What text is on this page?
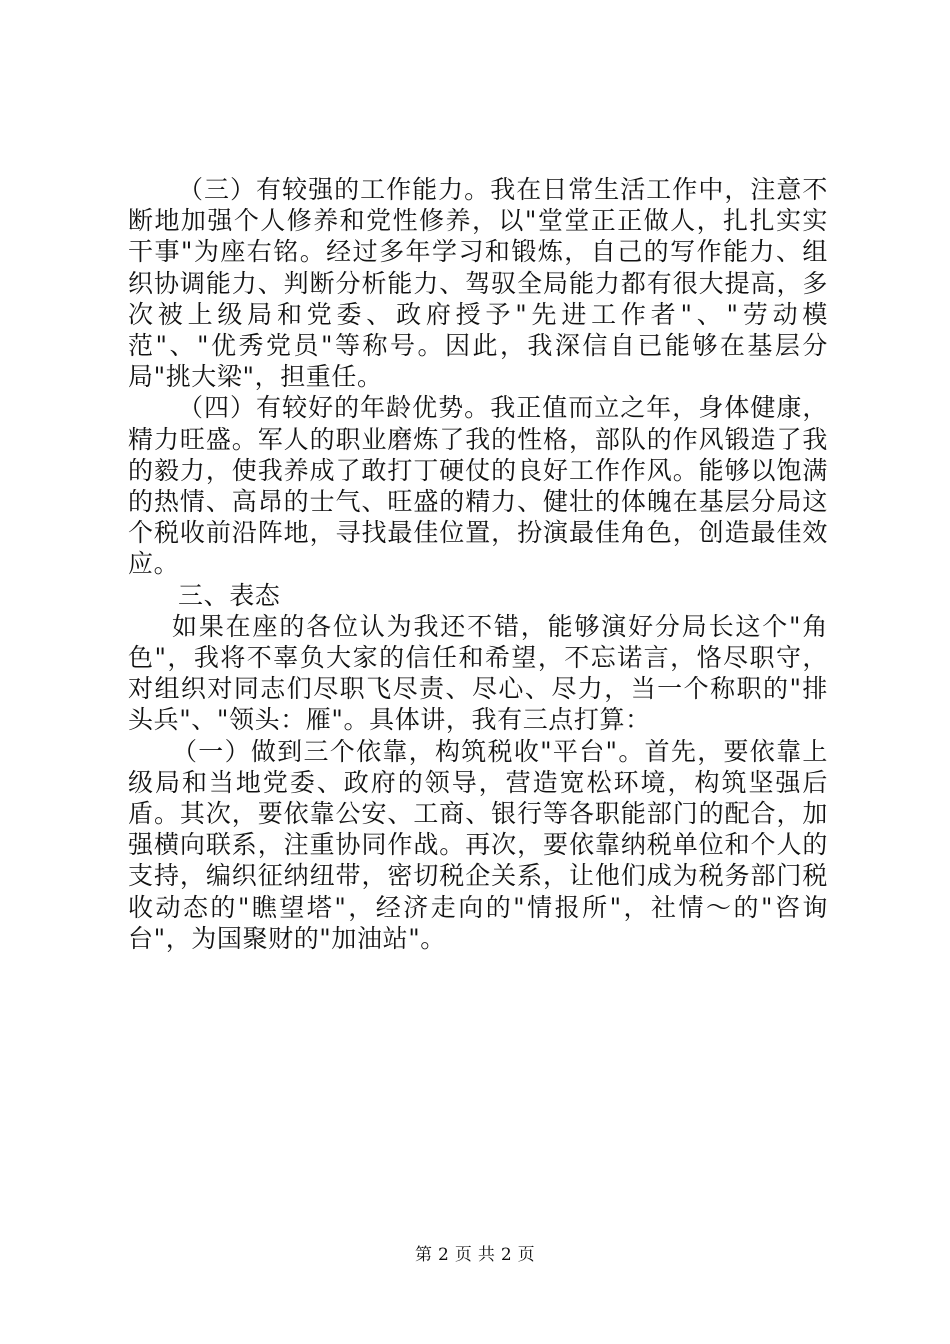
（三）有较强的工作能力。我在日常生活工作中，注意不断地加强个人修养和党性修养，以"堂堂正正做人，扎扎实实干事"为座右铭。经过多年学习和锻炼，自己的写作能力、组织协调能力、判断分析能力、驾驭全局能力都有很大提高，多次被上级局和党委、政府授予"先进工作者"、"劳动模范"、"优秀党员"等称号。因此，我深信自已能够在基层分局"挑大梁"，担重任。

（四）有较好的年龄优势。我正值而立之年，身体健康，精力旺盛。军人的职业磨炼了我的性格，部队的作风锻造了我的毅力，使我养成了敢打丁硬仗的良好工作作风。能够以饱满的热情、高昂的士气、旺盛的精力、健壮的体魄在基层分局这个税收前沿阵地，寻找最佳位置，扮演最佳角色，创造最佳效应。

三、表态

如果在座的各位认为我还不错，能够演好分局长这个"角色"，我将不辜负大家的信任和希望，不忘诺言，恪尽职守，对组织对同志们尽职飞尽责、尽心、尽力，当一个称职的"排头兵"、"领头：雁"。具体讲，我有三点打算：

（一）做到三个依靠，构筑税收"平台"。首先，要依靠上级局和当地党委、政府的领导，营造宽松环境，构筑坚强后盾。其次，要依靠公安、工商、银行等各职能部门的配合，加强横向联系，注重协同作战。再次，要依靠纳税单位和个人的支持，编织征纳纽带，密切税企关系，让他们成为税务部门税收动态的"瞧望塔"，经济走向的"情报所"，社情～的"咨询台"，为国聚财的"加油站"。

第 2 页 共 2 页
